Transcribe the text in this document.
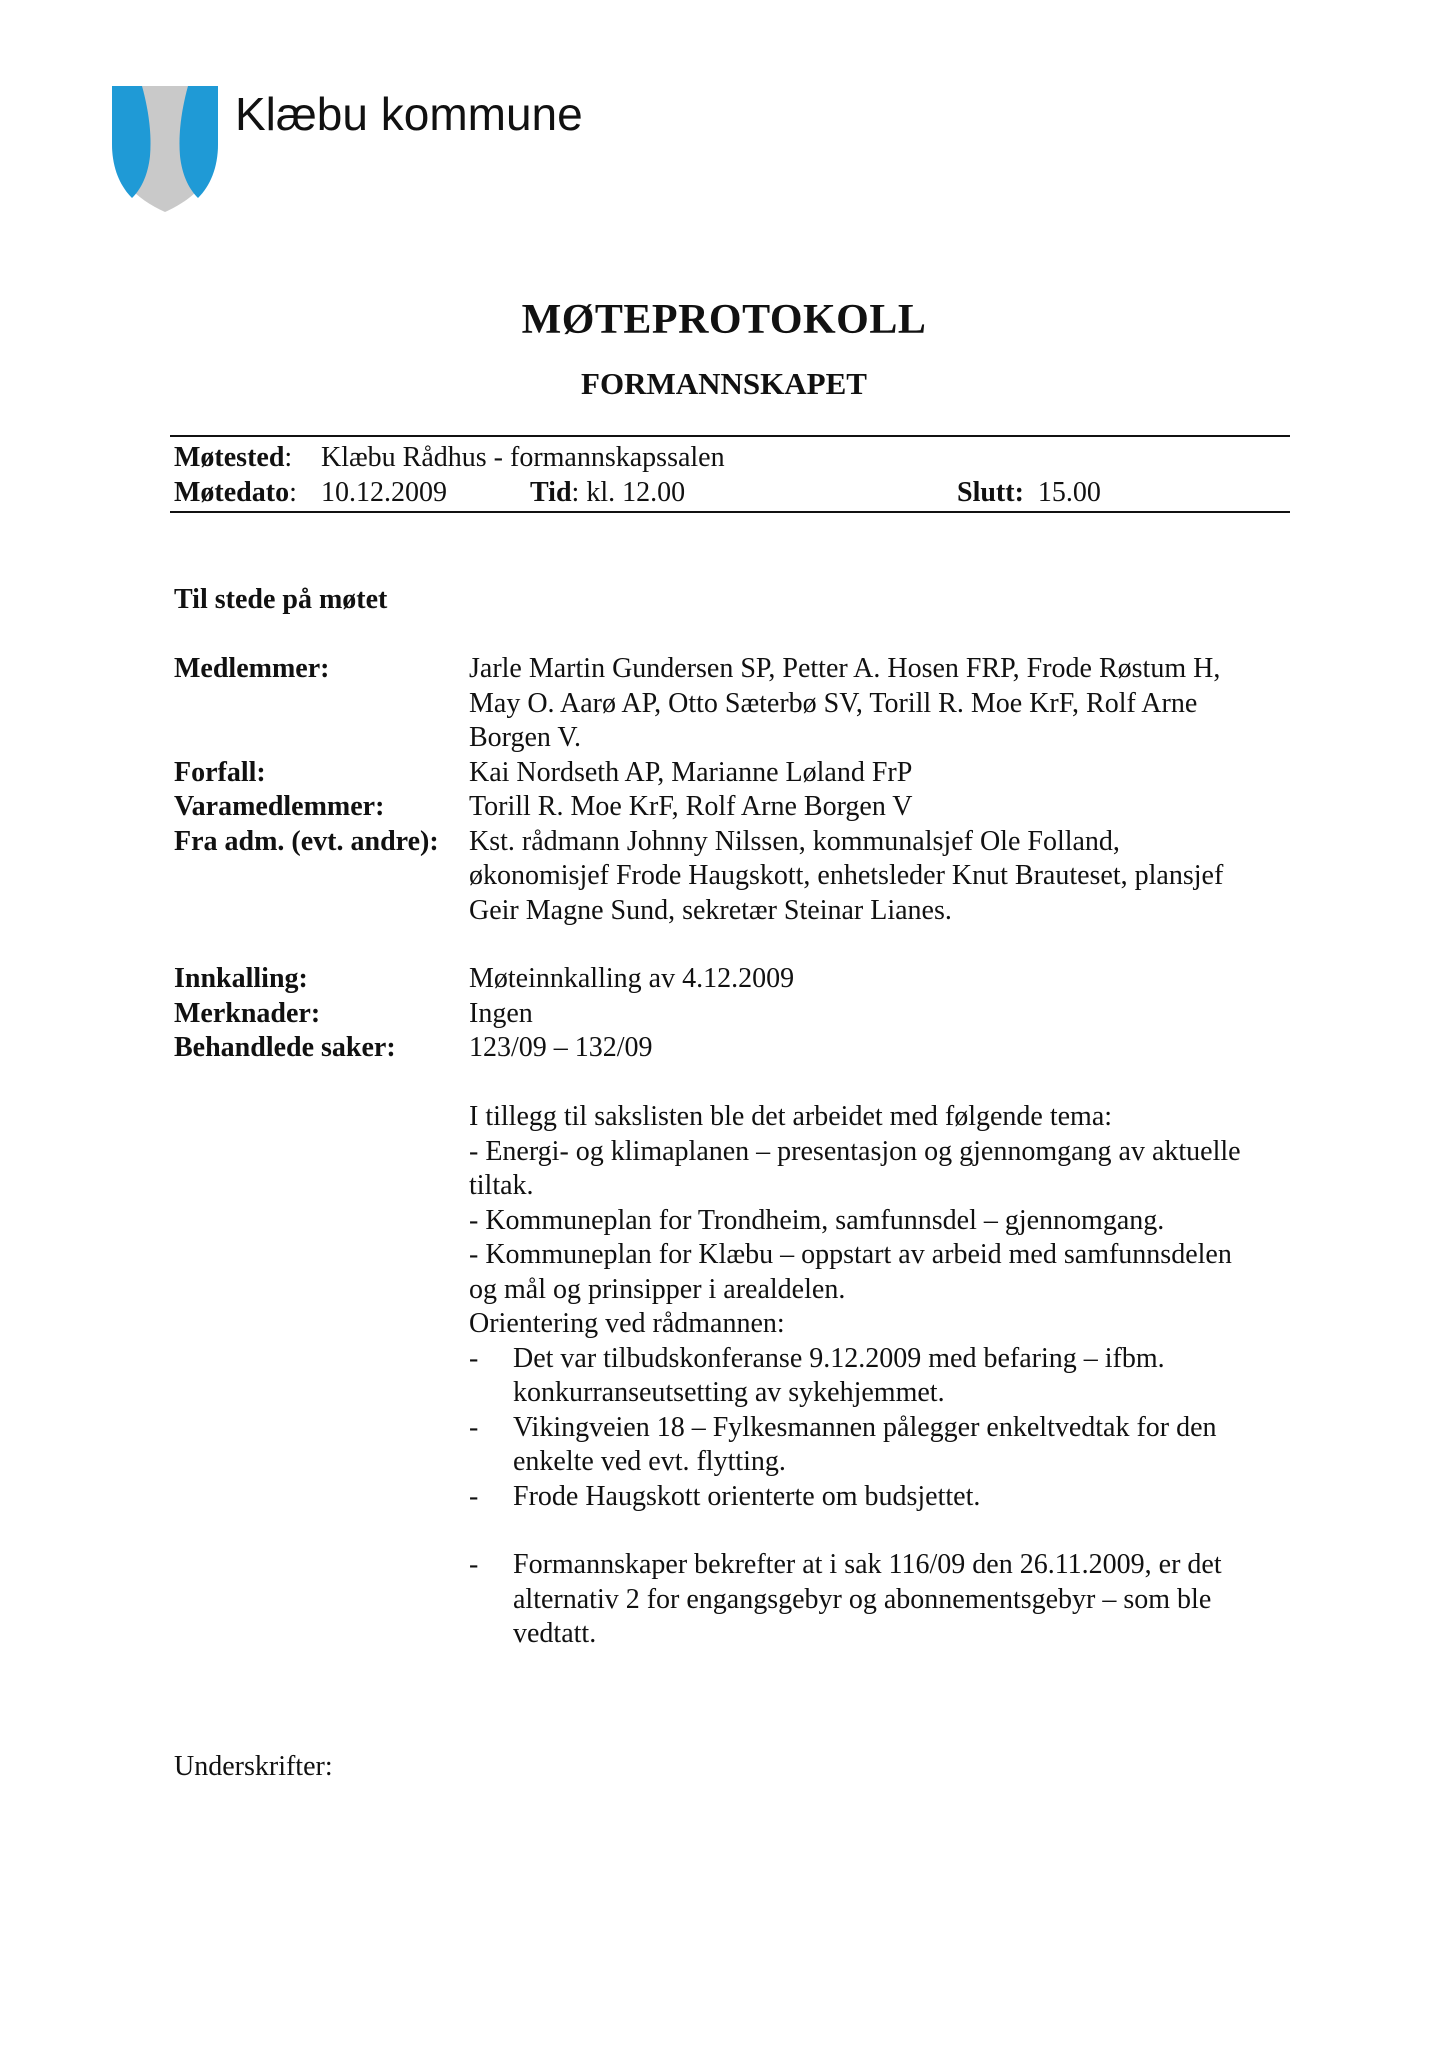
Klæbu kommune
MØTEPROTOKOLL
FORMANNSKAPET
Møtested: Klæbu Rådhus - formannskapssalen
Møtedato: 10.12.2009	Tid: kl. 12.00	Slutt: 15.00
Til stede på møtet
Medlemmer:	Jarle Martin Gundersen SP, Petter A. Hosen FRP, Frode Røstum H,
May O. Aarø AP, Otto Sæterbø SV, Torill R. Moe KrF, Rolf Arne
Borgen V.
Forfall:	Kai Nordseth AP, Marianne Løland FrP
Varamedlemmer:	Torill R. Moe KrF, Rolf Arne Borgen V
Fra adm. (evt. andre): Kst. rådmann Johnny Nilssen, kommunalsjef Ole Folland,
økonomisjef Frode Haugskott, enhetsleder Knut Brauteset, plansjef
Geir Magne Sund, sekretær Steinar Lianes.
Innkalling:	Møteinnkalling av 4.12.2009
Merknader:	Ingen
Behandlede saker:	123/09 – 132/09
I tillegg til sakslisten ble det arbeidet med følgende tema:
- Energi- og klimaplanen – presentasjon og gjennomgang av aktuelle
tiltak.
- Kommuneplan for Trondheim, samfunnsdel – gjennomgang.
- Kommuneplan for Klæbu – oppstart av arbeid med samfunnsdelen
og mål og prinsipper i arealdelen.
Orientering ved rådmannen:
- Det var tilbudskonferanse 9.12.2009 med befaring – ifbm.
konkurranseutsetting av sykehjemmet.
- Vikingveien 18 – Fylkesmannen pålegger enkeltvedtak for den
enkelte ved evt. flytting.
- Frode Haugskott orienterte om budsjettet.
- Formannskaper bekrefter at i sak 116/09 den 26.11.2009, er det
alternativ 2 for engangsgebyr og abonnementsgebyr – som ble
vedtatt.
Underskrifter:
